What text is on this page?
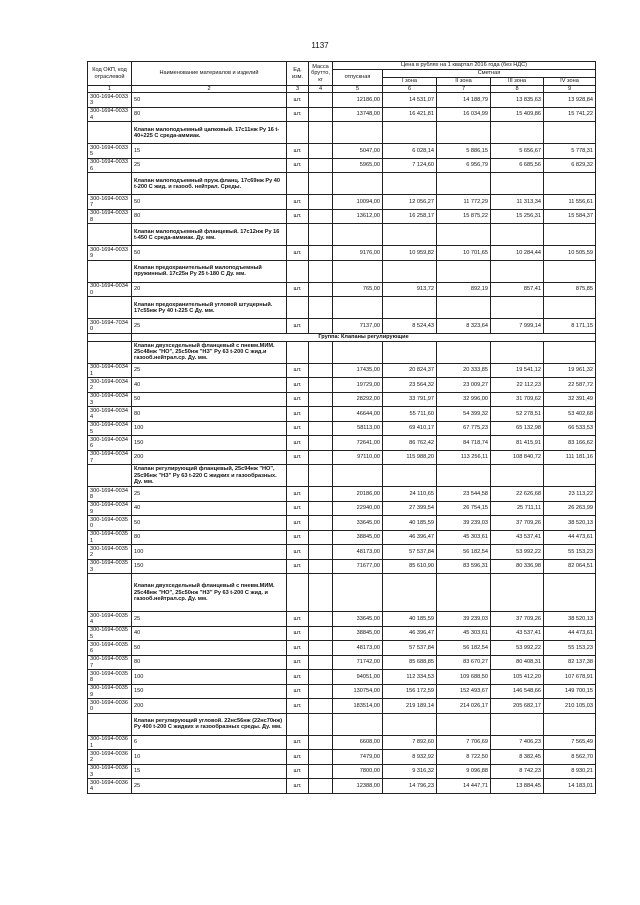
1137
Код ОКП, код отраслевой	Наименование материалов и изделий	Ед. изм.	Масса брутто, кг	Цена в рублях на 1 квартал 2016 года (без НДС)				
				отпускная	Сметная			
					I зона	II зона	III зона	IV зона
1	2	3	4	5	6	7	8	9
300-1694-00333	50	шт.		12186,00	14 531,07	14 188,79	13 835,63	13 928,84
300-1694-00334	80	шт.		13748,00	16 421,81	16 034,99	15 409,86	15 741,22
	Клапан малоподъемный цапковый. 17с11нж Ру 16 t-40+225 С среда-аммиак.							
300-1694-00335	15	шт.		5047,00	6 028,14	5 886,15	5 656,67	5 778,31
300-1694-00336	25	шт.		5965,00	7 124,60	6 956,79	6 685,56	6 829,32
	Клапан малоподъемный пруж.фланц. 17с69нж Ру 40 t-200 С жид. и газооб. нейтрал. Среды.							
300-1694-00337	50	шт.		10094,00	12 056,27	11 772,29	11 313,34	11 556,61
300-1694-00338	80	шт.		13612,00	16 258,17	15 875,22	15 256,31	15 584,37
	Клапан малоподъемный фланцевый. 17с12нж Ру 16 t-450 С среда-аммиак. Ду. мм.							
300-1694-00339	50	шт.		9176,00	10 959,82	10 701,65	10 284,44	10 505,59
	Клапан предохранительный малоподъемный пружинный. 17с25н Ру 25 t-180 С Ду. мм.							
300-1694-00340	20	шт.		765,00	913,72	892,19	857,41	875,85
	Клапан предохранительный угловой штуцерный. 17с55нж Ру 40 t-225 С Ду. мм.							
300-1694-70340	25	шт.		7137,00	8 524,43	8 323,64	7 999,14	8 171,15
	Группа: Клапаны регулирующие							
	Клапан двухседельный фланцевый с пневм.МИМ. 25с48нж "НО", 25с50нж "НЗ" Ру 63 t-200 С жид.и газооб.нейтрал.ср. Ду. мм.							
300-1694-00341	25	шт.		17435,00	20 824,37	20 333,85	19 541,12	19 961,32
300-1694-00342	40	шт.		19729,00	23 564,32	23 009,27	22 112,23	22 587,72
300-1694-00343	50	шт.		28292,00	33 791,97	32 996,00	31 709,62	32 391,49
300-1694-00344	80	шт.		46644,00	55 711,60	54 399,32	52 278,51	53 402,68
300-1694-00345	100	шт.		58113,00	69 410,17	67 775,23	65 132,98	66 533,53
300-1694-00346	150	шт.		72641,00	86 762,42	84 718,74	81 415,91	83 166,62
300-1694-00347	200	шт.		97110,00	115 988,20	113 256,11	108 840,72	111 181,16
	Клапан регулирующий фланцевый, 25с94нж "НО", 25с96нж "НЗ" Ру 63 t-220 С жидких и газообразных. Ду. мм.							
300-1694-00348	25	шт.		20186,00	24 110,65	23 544,58	22 626,68	23 113,22
300-1694-00349	40	шт.		22940,00	27 399,54	26 754,15	25 711,11	26 263,99
300-1694-00350	50	шт.		33645,00	40 185,59	39 239,03	37 709,26	38 520,13
300-1694-00351	80	шт.		38845,00	46 396,47	45 303,61	43 537,41	44 473,61
300-1694-00352	100	шт.		48173,00	57 537,84	56 182,54	53 992,22	55 153,23
300-1694-00353	150	шт.		71677,00	85 610,90	83 596,31	80 336,98	82 064,51
	Клапан двухседельный фланцевый с пневм.МИМ. 25с48нж "НО", 25с50нж "НЗ" Ру 63 t-200 С жид. и газооб.нейтрал.ср. Ду. мм.							
300-1694-00354	25	шт.		33645,00	40 185,59	39 239,03	37 709,26	38 520,13
300-1694-00355	40	шт.		38845,00	46 396,47	45 303,61	43 537,41	44 473,61
300-1694-00356	50	шт.		48173,00	57 537,84	56 182,54	53 992,22	55 153,23
300-1694-00357	80	шт.		71742,00	85 688,85	83 670,27	80 408,31	82 137,38
300-1694-00358	100	шт.		94051,00	112 334,53	109 688,50	105 412,20	107 678,91
300-1694-00359	150	шт.		130754,00	156 172,59	152 493,67	146 548,66	149 700,15
300-1694-00360	200	шт.		183514,00	219 189,14	214 026,17	205 682,17	210 105,03
	Клапан регулирующий угловой. 22нс56нж (22нс70нж) Ру 400 t-200 С жидких и газообразных среды. Ду. мм.							
300-1694-00361	6	шт.		6608,00	7 892,60	7 706,69	7 406,23	7 565,49
300-1694-00362	10	шт.		7479,00	8 932,92	8 722,50	8 382,45	8 562,70
300-1694-00363	15	шт.		7800,00	9 316,32	9 096,88	8 742,23	8 930,21
300-1694-00364	25	шт.		12388,00	14 796,23	14 447,71	13 884,45	14 183,01
